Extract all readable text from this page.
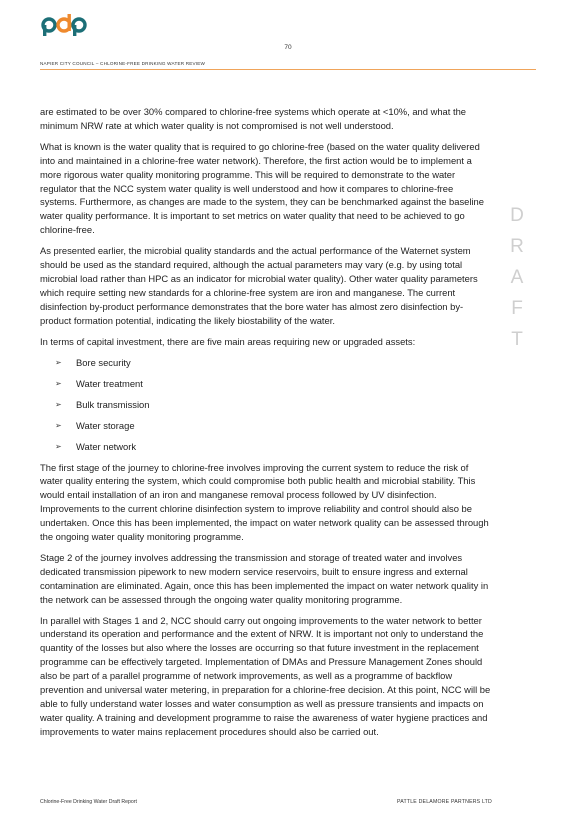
70
NAPIER CITY COUNCIL – CHLORINE-FREE DRINKING WATER REVIEW
D
R
A
F
T

are estimated to be over 30% compared to chlorine-free systems which operate at <10%, and what the minimum NRW rate at which water quality is not compromised is not well understood.

What is known is the water quality that is required to go chlorine-free (based on the water quality delivered into and maintained in a chlorine-free water network). Therefore, the first action would be to implement a more rigorous water quality monitoring programme. This will be required to demonstrate to the water regulator that the NCC system water quality is well understood and how it compares to chlorine-free systems. Furthermore, as changes are made to the system, they can be benchmarked against the baseline water quality performance. It is important to set metrics on water quality that need to be achieved to go chlorine-free.

As presented earlier, the microbial quality standards and the actual performance of the Waternet system should be used as the standard required, although the actual parameters may vary (e.g. by using total microbial load rather than HPC as an indicator for microbial water quality). Other water quality parameters which require setting new standards for a chlorine-free system are iron and manganese. The current disinfection by-product performance demonstrates that the bore water has almost zero disinfection by-product formation potential, indicating the likely biostability of the water.

In terms of capital investment, there are five main areas requiring new or upgraded assets:

➢ Bore security
➢ Water treatment
➢ Bulk transmission
➢ Water storage
➢ Water network

The first stage of the journey to chlorine-free involves improving the current system to reduce the risk of water quality entering the system, which could compromise both public health and microbial stability. This would entail installation of an iron and manganese removal process followed by UV disinfection. Improvements to the current chlorine disinfection system to improve reliability and control should also be undertaken. Once this has been implemented, the impact on water network quality can be assessed through the ongoing water quality monitoring programme.

Stage 2 of the journey involves addressing the transmission and storage of treated water and involves dedicated transmission pipework to new modern service reservoirs, built to ensure ingress and external contamination are eliminated. Again, once this has been implemented the impact on water network quality in the network can be assessed through the ongoing water quality monitoring programme.

In parallel with Stages 1 and 2, NCC should carry out ongoing improvements to the water network to better understand its operation and performance and the extent of NRW. It is important not only to understand the quantity of the losses but also where the losses are occurring so that future investment in the replacement programme can be effectively targeted. Implementation of DMAs and Pressure Management Zones should also be part of a parallel programme of network improvements, as well as a programme of backflow prevention and universal water metering, in preparation for a chlorine-free decision. At this point, NCC will be able to fully understand water losses and water consumption as well as pressure transients and impacts on water quality. A training and development programme to raise the awareness of water hygiene practices and improvements to water mains replacement procedures should also be carried out.

Chlorine-Free Drinking Water Draft Report	PATTLE DELAMORE PARTNERS LTD
